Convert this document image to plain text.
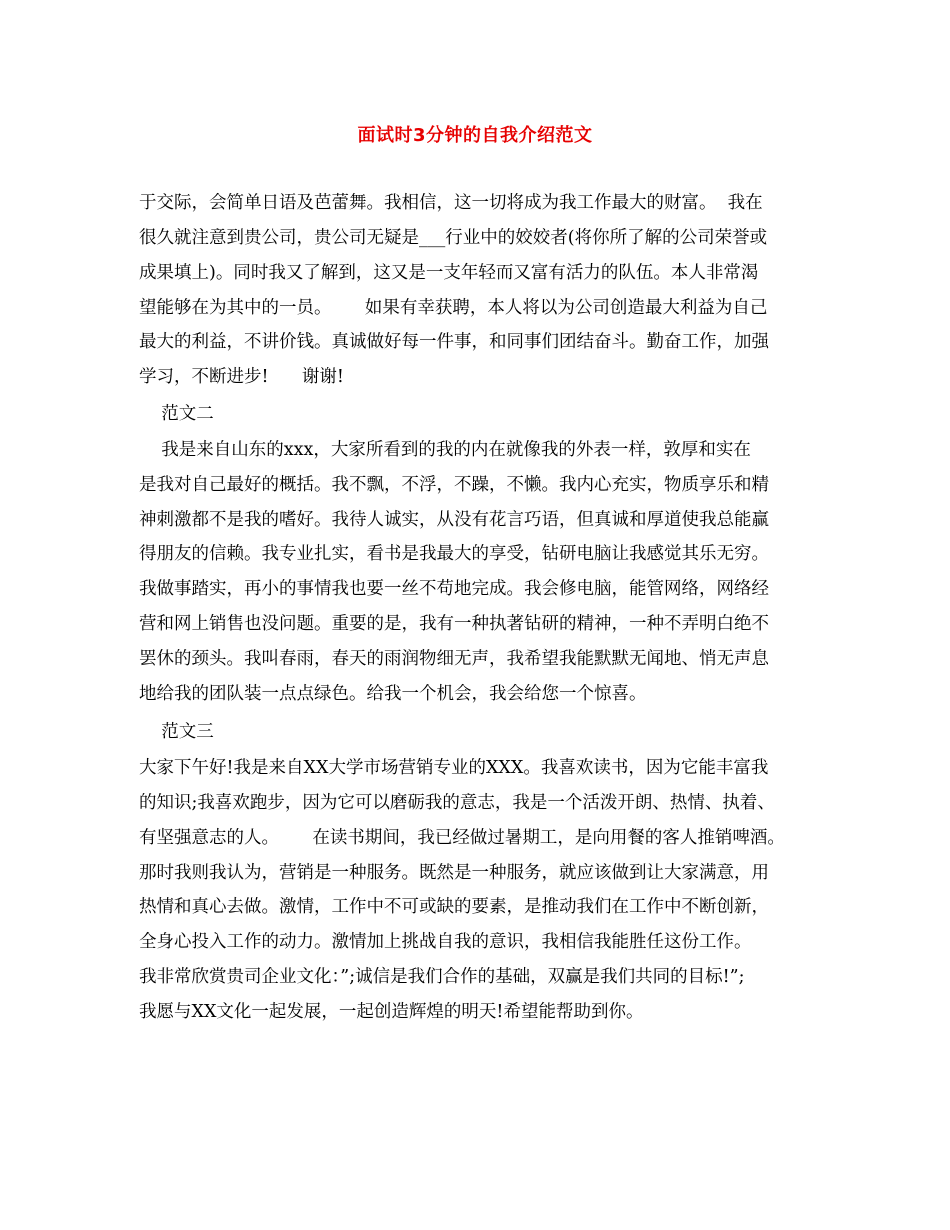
面试时3分钟的自我介绍范文
于交际，会简单日语及芭蕾舞。我相信，这一切将成为我工作最大的财富。  我在
很久就注意到贵公司，贵公司无疑是___行业中的姣姣者(将你所了解的公司荣誉或
成果填上)。同时我又了解到，这又是一支年轻而又富有活力的队伍。本人非常渴
望能够在为其中的一员。      如果有幸获聘，本人将以为公司创造最大利益为自己
最大的利益，不讲价钱。真诚做好每一件事，和同事们团结奋斗。勤奋工作，加强
学习，不断进步!      谢谢!
范文二
我是来自山东的xxx，大家所看到的我的内在就像我的外表一样，敦厚和实在
是我对自己最好的概括。我不飘，不浮，不躁，不懒。我内心充实，物质享乐和精
神刺激都不是我的嗜好。我待人诚实，从没有花言巧语，但真诚和厚道使我总能赢
得朋友的信赖。我专业扎实，看书是我最大的享受，钻研电脑让我感觉其乐无穷。
我做事踏实，再小的事情我也要一丝不苟地完成。我会修电脑，能管网络，网络经
营和网上销售也没问题。重要的是，我有一种执著钻研的精神，一种不弄明白绝不
罢休的颈头。我叫春雨，春天的雨润物细无声，我希望我能默默无闻地、悄无声息
地给我的团队装一点点绿色。给我一个机会，我会给您一个惊喜。
范文三
大家下午好!我是来自XX大学市场营销专业的XXX。我喜欢读书，因为它能丰富我
的知识;我喜欢跑步，因为它可以磨砺我的意志，我是一个活泼开朗、热情、执着、
有坚强意志的人。      在读书期间，我已经做过暑期工，是向用餐的客人推销啤酒。
那时我则我认为，营销是一种服务。既然是一种服务，就应该做到让大家满意，用
热情和真心去做。激情，工作中不可或缺的要素，是推动我们在工作中不断创新，
全身心投入工作的动力。激情加上挑战自我的意识，我相信我能胜任这份工作。
我非常欣赏贵司企业文化：”;诚信是我们合作的基础，双赢是我们共同的目标!”;
我愿与XX文化一起发展，一起创造辉煌的明天!希望能帮助到你。
